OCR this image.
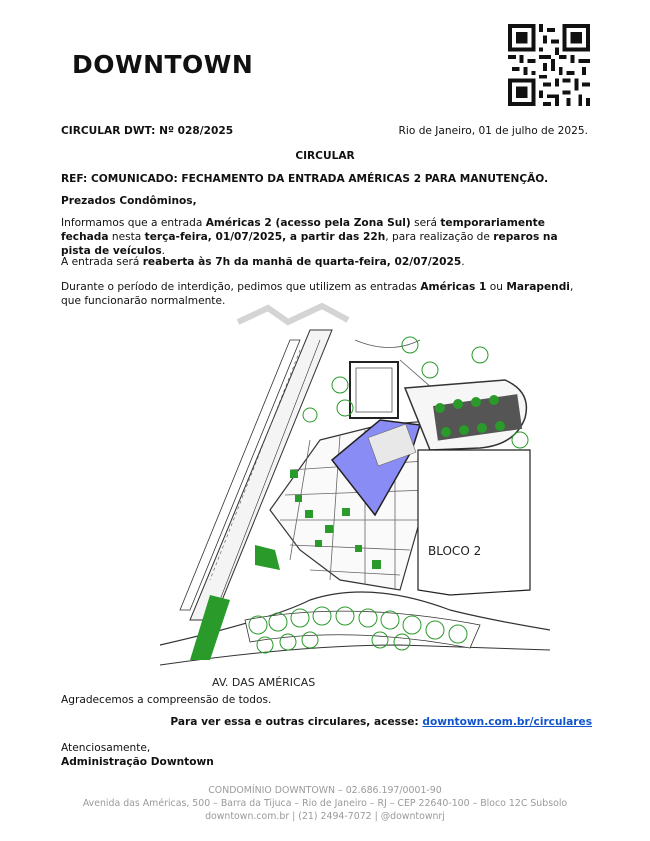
DOWNTOWN
CIRCULAR DWT: Nº 028/2025	Rio de Janeiro, 01 de julho de 2025.
CIRCULAR
REF: COMUNICADO: FECHAMENTO DA ENTRADA AMÉRICAS 2 PARA MANUTENÇÃO.
Prezados Condôminos,
Informamos que a entrada Américas 2 (acesso pela Zona Sul) será temporariamente fechada nesta terça-feira, 01/07/2025, a partir das 22h, para realização de reparos na pista de veículos.
A entrada será reaberta às 7h da manhã de quarta-feira, 02/07/2025.
Durante o período de interdição, pedimos que utilizem as entradas Américas 1 ou Marapendi, que funcionarão normalmente.
BLOCO 2
AV. DAS AMÉRICAS
Agradecemos a compreensão de todos.
Para ver essa e outras circulares, acesse: downtown.com.br/circulares
Atenciosamente,
Administração Downtown
CONDOMÍNIO DOWNTOWN – 02.686.197/0001-90
Avenida das Américas, 500 – Barra da Tijuca – Rio de Janeiro – RJ – CEP 22640-100 – Bloco 12C Subsolo
downtown.com.br | (21) 2494-7072 | @downtownrj
